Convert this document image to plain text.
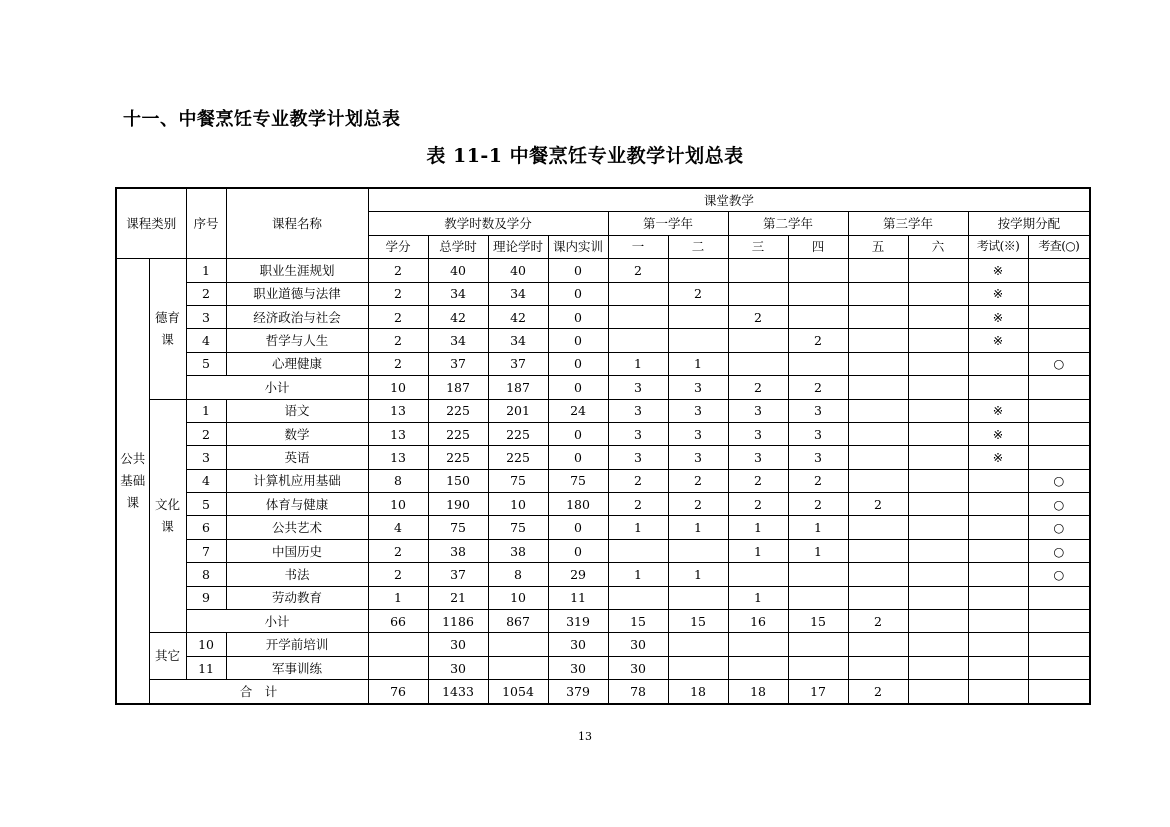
十一、中餐烹饪专业教学计划总表
表 11-1 中餐烹饪专业教学计划总表
课程类别		序号	课程名称	课堂教学											
				教学时数及学分				第一学年		第二学年		第三学年		按学期分配	
				学分	总学时	理论学时	课内实训	一	二	三	四	五	六	考试(※)	考查(○)
公共基础课	德育课	1	职业生涯规划	2	40	40	0	2						※	
		2	职业道德与法律	2	34	34	0		2					※	
		3	经济政治与社会	2	42	42	0			2				※	
		4	哲学与人生	2	34	34	0				2			※	
		5	心理健康	2	37	37	0	1	1						○
		小计		10	187	187	0	3	3	2	2				
	文化课	1	语文	13	225	201	24	3	3	3	3			※	
		2	数学	13	225	225	0	3	3	3	3			※	
		3	英语	13	225	225	0	3	3	3	3			※	
		4	计算机应用基础	8	150	75	75	2	2	2	2				○
		5	体育与健康	10	190	10	180	2	2	2	2	2			○
		6	公共艺术	4	75	75	0	1	1	1	1				○
		7	中国历史	2	38	38	0			1	1				○
		8	书法	2	37	8	29	1	1						○
		9	劳动教育	1	21	10	11			1					
		小计		66	1186	867	319	15	15	16	15	2			
	其它	10	开学前培训		30		30	30							
		11	军事训练		30		30	30							
	合　计			76	1433	1054	379	78	18	18	17	2			
13
